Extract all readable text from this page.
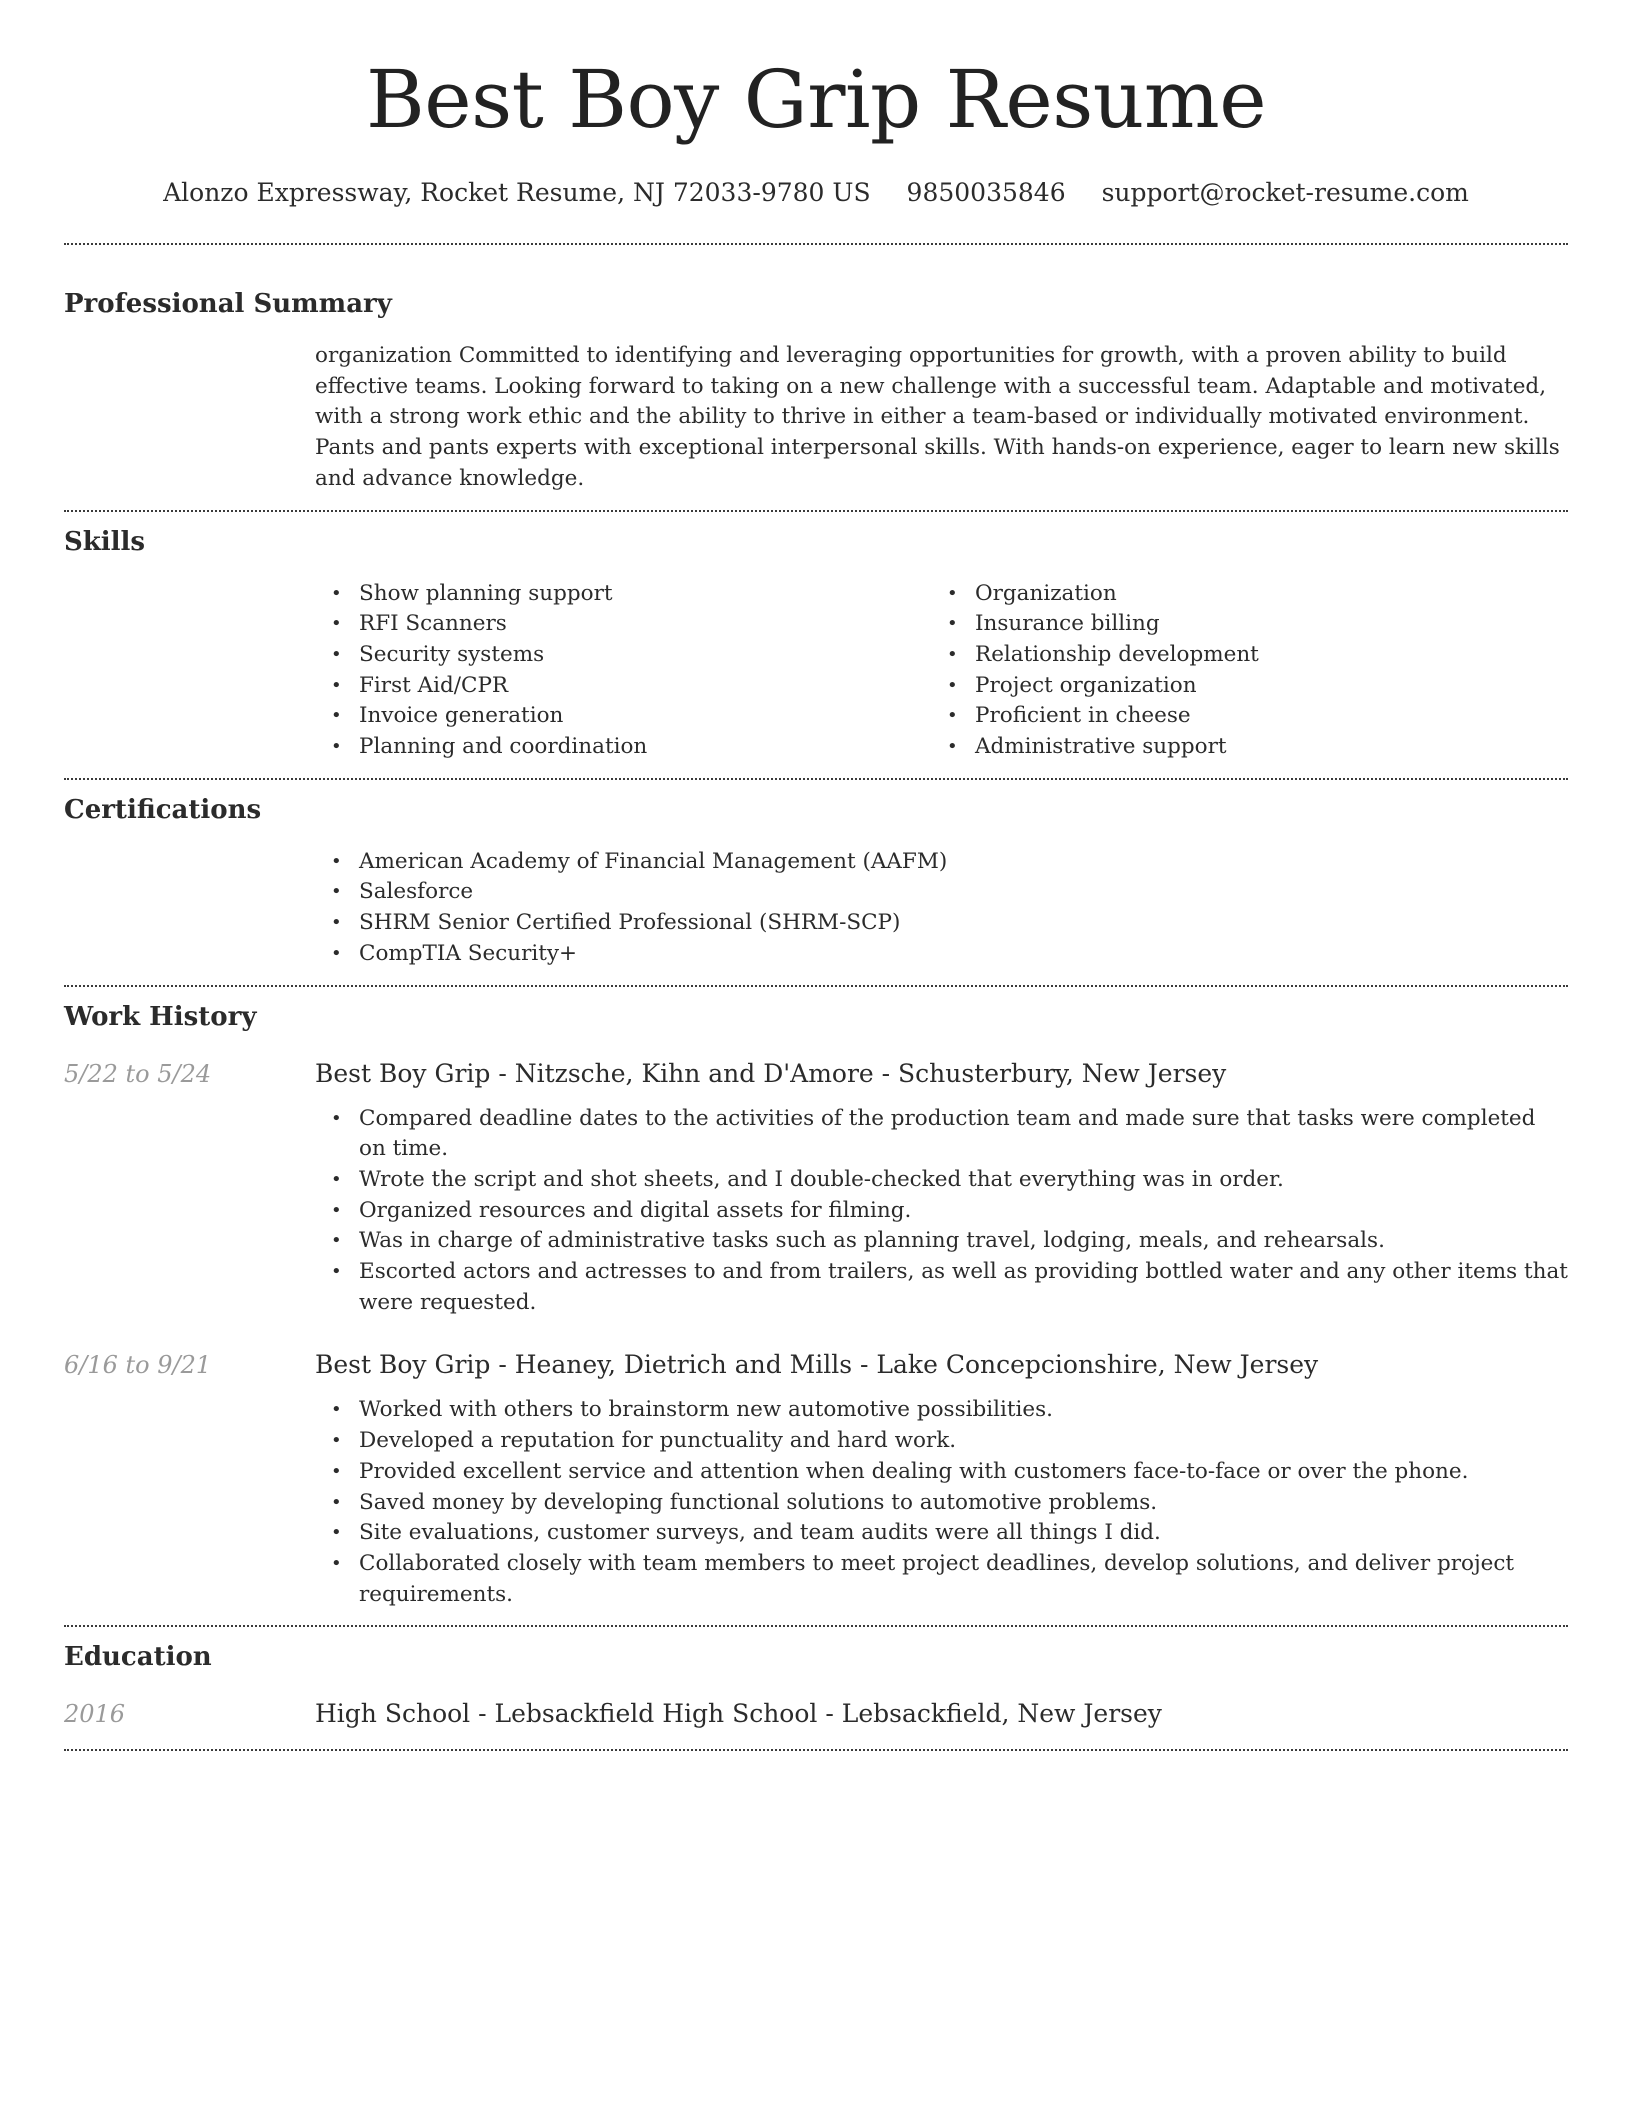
Best Boy Grip Resume
Alonzo Expressway, Rocket Resume, NJ 72033-9780 US 9850035846 support@rocket-resume.com
Professional Summary

organization Committed to identifying and leveraging opportunities for growth, with a proven ability to build effective teams. Looking forward to taking on a new challenge with a successful team. Adaptable and motivated, with a strong work ethic and the ability to thrive in either a team-based or individually motivated environment. Pants and pants experts with exceptional interpersonal skills. With hands-on experience, eager to learn new skills and advance knowledge.

Skills
• Show planning support
• RFI Scanners
• Security systems
• First Aid/CPR
• Invoice generation
• Planning and coordination
• Organization
• Insurance billing
• Relationship development
• Project organization
• Proficient in cheese
• Administrative support
Certifications
• American Academy of Financial Management (AAFM)
• Salesforce
• SHRM Senior Certified Professional (SHRM-SCP)
• CompTIA Security+
Work History
5/22 to 5/24	Best Boy Grip - Nitzsche, Kihn and D'Amore - Schusterbury, New Jersey
• Compared deadline dates to the activities of the production team and made sure that tasks were completed on time.
• Wrote the script and shot sheets, and I double-checked that everything was in order.
• Organized resources and digital assets for filming.
• Was in charge of administrative tasks such as planning travel, lodging, meals, and rehearsals.
• Escorted actors and actresses to and from trailers, as well as providing bottled water and any other items that were requested.
6/16 to 9/21	Best Boy Grip - Heaney, Dietrich and Mills - Lake Concepcionshire, New Jersey
• Worked with others to brainstorm new automotive possibilities.
• Developed a reputation for punctuality and hard work.
• Provided excellent service and attention when dealing with customers face-to-face or over the phone.
• Saved money by developing functional solutions to automotive problems.
• Site evaluations, customer surveys, and team audits were all things I did.
• Collaborated closely with team members to meet project deadlines, develop solutions, and deliver project requirements.
Education
2016	High School - Lebsackfield High School - Lebsackfield, New Jersey
